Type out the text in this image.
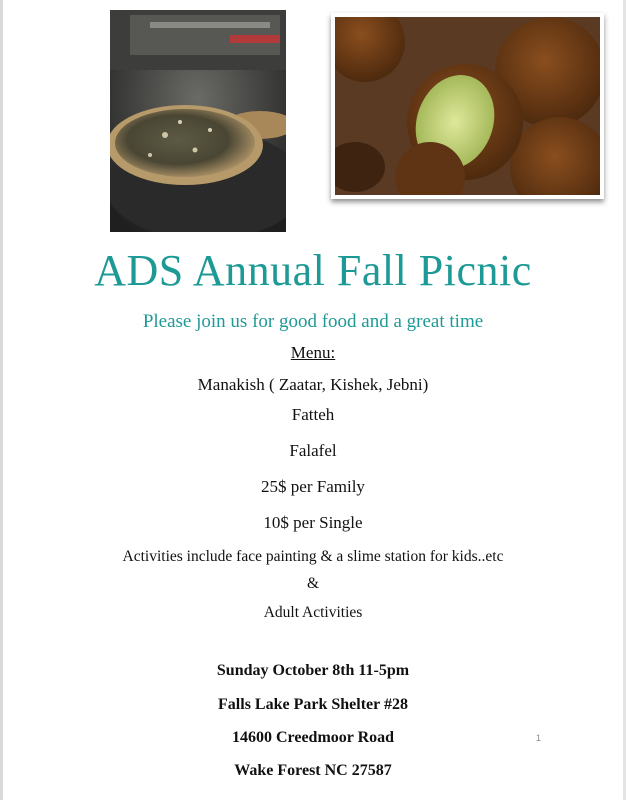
ADS Annual Fall Picnic
Please join us for good food and a great time
Menu:
Manakish ( Zaatar, Kishek, Jebni)
Fatteh
Falafel
25$ per Family
10$ per Single
Activities include face painting & a slime station for kids..etc
&
Adult Activities
Sunday October 8th 11-5pm
Falls Lake Park Shelter #28
14600 Creedmoor Road
Wake Forest NC 27587
1
